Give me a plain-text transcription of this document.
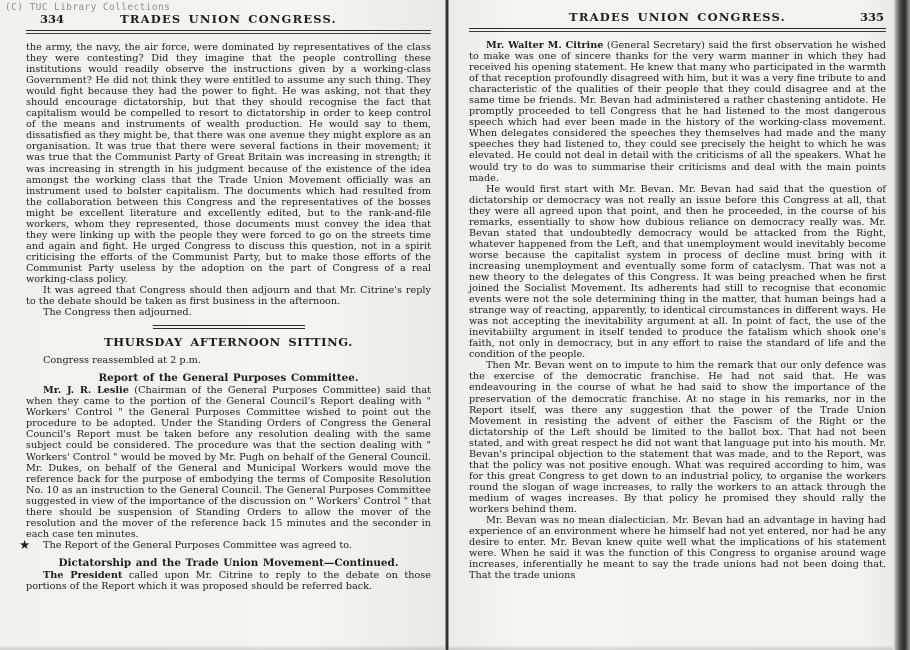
(C) TUC Library Collections
334	TRADES UNION CONGRESS.

the army, the navy, the air force, were dominated by representatives of the class they were contesting? Did they imagine that the people controlling these institutions would readily observe the instructions given by a working-class Government? He did not think they were entitled to assume any such thing. They would fight because they had the power to fight. He was asking, not that they should encourage dictatorship, but that they should recognise the fact that capitalism would be compelled to resort to dictatorship in order to keep control of the means and instruments of wealth production. He would say to them, dissatisfied as they might be, that there was one avenue they might explore as an organisation. It was true that there were several factions in their movement; it was true that the Communist Party of Great Britain was increasing in strength; it was increasing in strength in his judgment because of the existence of the idea amongst the working class that the Trade Union Movement officially was an instrument used to bolster capitalism. The documents which had resulted from the collaboration between this Congress and the representatives of the bosses might be excellent literature and excellently edited, but to the rank-and-file workers, whom they represented, those documents must convey the idea that they were linking up with the people they were forced to go on the streets time and again and fight. He urged Congress to discuss this question, not in a spirit criticising the efforts of the Communist Party, but to make those efforts of the Communist Party useless by the adoption on the part of Congress of a real working-class policy.

It was agreed that Congress should then adjourn and that Mr. Citrine's reply to the debate should be taken as first business in the afternoon.

The Congress then adjourned.

THURSDAY AFTERNOON SITTING.

Congress reassembled at 2 p.m.

Report of the General Purposes Committee.

Mr. J. R. Leslie (Chairman of the General Purposes Committee) said that when they came to the portion of the General Council's Report dealing with " Workers' Control " the General Purposes Committee wished to point out the procedure to be adopted. Under the Standing Orders of Congress the General Council's Report must be taken before any resolution dealing with the same subject could be considered. The procedure was that the section dealing with " Workers' Control " would be moved by Mr. Pugh on behalf of the General Council. Mr. Dukes, on behalf of the General and Municipal Workers would move the reference back for the purpose of embodying the terms of Composite Resolution No. 10 as an instruction to the General Council. The General Purposes Committee suggested in view of the importance of the discussion on " Workers' Control " that there should be suspension of Standing Orders to allow the mover of the resolution and the mover of the reference back 15 minutes and the seconder in each case ten minutes.

★ The Report of the General Purposes Committee was agreed to.

Dictatorship and the Trade Union Movement—Continued.

The President called upon Mr. Citrine to reply to the debate on those portions of the Report which it was proposed should be referred back.

TRADES UNION CONGRESS.	335

Mr. Walter M. Citrine (General Secretary) said the first observation he wished to make was one of sincere thanks for the very warm manner in which they had received his opening statement. He knew that many who participated in the warmth of that reception profoundly disagreed with him, but it was a very fine tribute to and characteristic of the qualities of their people that they could disagree and at the same time be friends. Mr. Bevan had administered a rather chastening antidote. He promptly proceeded to tell Congress that he had listened to the most dangerous speech which had ever been made in the history of the working-class movement. When delegates considered the speeches they themselves had made and the many speeches they had listened to, they could see precisely the height to which he was elevated. He could not deal in detail with the criticisms of all the speakers. What he would try to do was to summarise their criticisms and deal with the main points made.

He would first start with Mr. Bevan. Mr. Bevan had said that the question of dictatorship or democracy was not really an issue before this Congress at all, that they were all agreed upon that point, and then he proceeded, in the course of his remarks, essentially to show how dubious reliance on democracy really was. Mr. Bevan stated that undoubtedly democracy would be attacked from the Right, whatever happened from the Left, and that unemployment would inevitably become worse because the capitalist system in process of decline must bring with it increasing unemployment and eventually some form of cataclysm. That was not a new theory to the delegates of this Congress. It was being preached when he first joined the Socialist Movement. Its adherents had still to recognise that economic events were not the sole determining thing in the matter, that human beings had a strange way of reacting, apparently, to identical circumstances in different ways. He was not accepting the inevitability argument at all. In point of fact, the use of the inevitabiilty argument in itself tended to produce the fatalism which shook one's faith, not only in democracy, but in any effort to raise the standard of life and the condition of the people.

Then Mr. Bevan went on to impute to him the remark that our only defence was the exercise of the democratic franchise. He had not said that. He was endeavouring in the course of what he had said to show the importance of the preservation of the democratic franchise. At no stage in his remarks, nor in the Report itself, was there any suggestion that the power of the Trade Union Movement in resisting the advent of either the Fascism of the Right or the dictatorship of the Left should be limited to the ballot box. That had not been stated, and with great respect he did not want that language put into his mouth. Mr. Bevan's principal objection to the statement that was made, and to the Report, was that the policy was not positive enough. What was required according to him, was for this great Congress to get down to an industrial policy, to organise the workers round the slogan of wage increases, to rally the workers to an attack through the medium of wages increases. By that policy he promised they should rally the workers behind them.

Mr. Bevan was no mean dialectician. Mr. Bevan had an advantage in having had experience of an environment where he himself had not yet entered, nor had he any desire to enter. Mr. Bevan knew quite well what the implications of his statement were. When he said it was the function of this Congress to organise around wage increases, inferentially he meant to say the trade unions had not been doing that. That the trade unions
